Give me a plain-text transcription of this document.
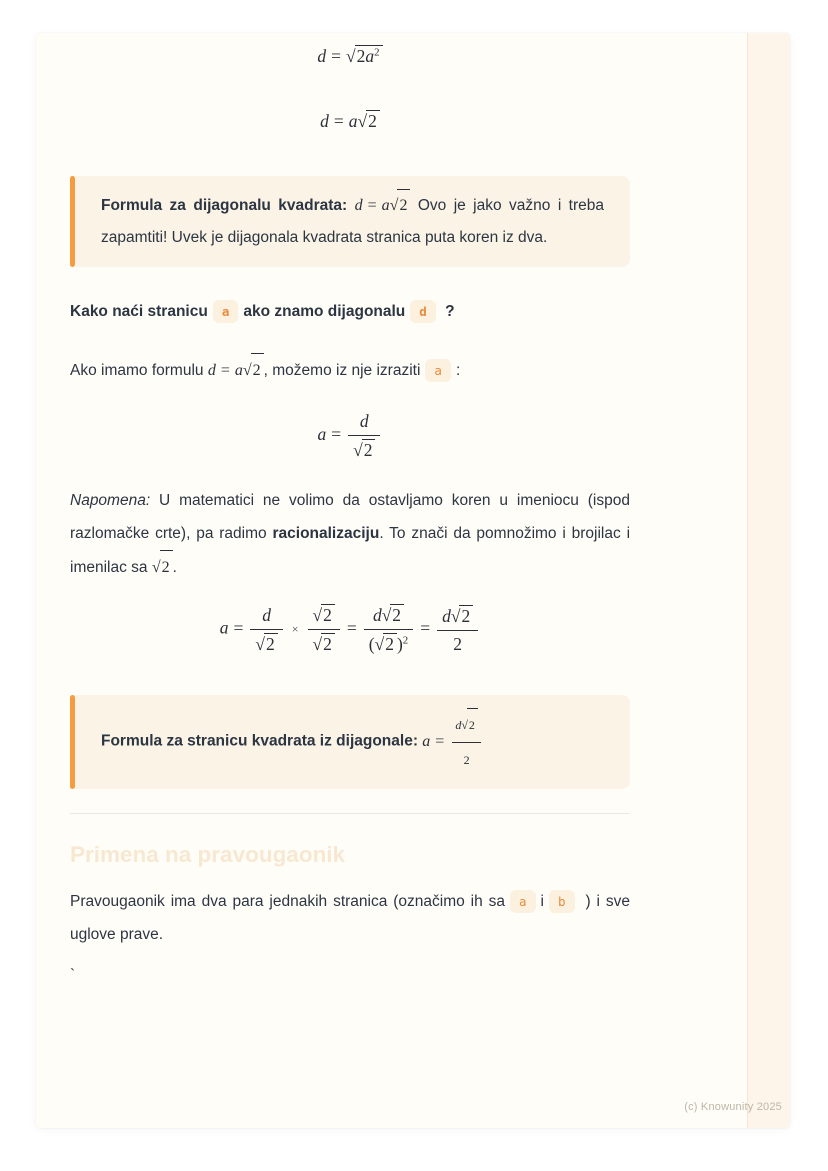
$d = √2a^2$
d = a√2

Formula za dijagonalu kvadrata: d = a√2 Ovo je jako važno i treba zapamtiti! Uvek je dijagonala kvadrata stranica puta koren iz dva.

Kako naći stranicu a ako znamo dijagonalu d ?

Ako imamo formulu d = a√2 , možemo iz nje izraziti a :

$a = \frac{d}{√2}$

Napomena: U matematici ne volimo da ostavljamo koren u imeniocu (ispod razlomačke crte), pa radimo racionalizaciju. To znači da pomnožimo i brojilac i imenilac sa √2 .

$a = \frac{d}{√2} \times \frac{√2}{√2} = \frac{d√2}{(√2 )^2} = \frac{d√2}{2}$

Formula za stranicu kvadrata iz dijagonale: $a = \frac{d√2}{2}$

Primena na pravougaonik

Pravougaonik ima dva para jednakih stranica (označimo ih sa a i b ) i sve uglove prave.

`

(c) Knowunity 2025
